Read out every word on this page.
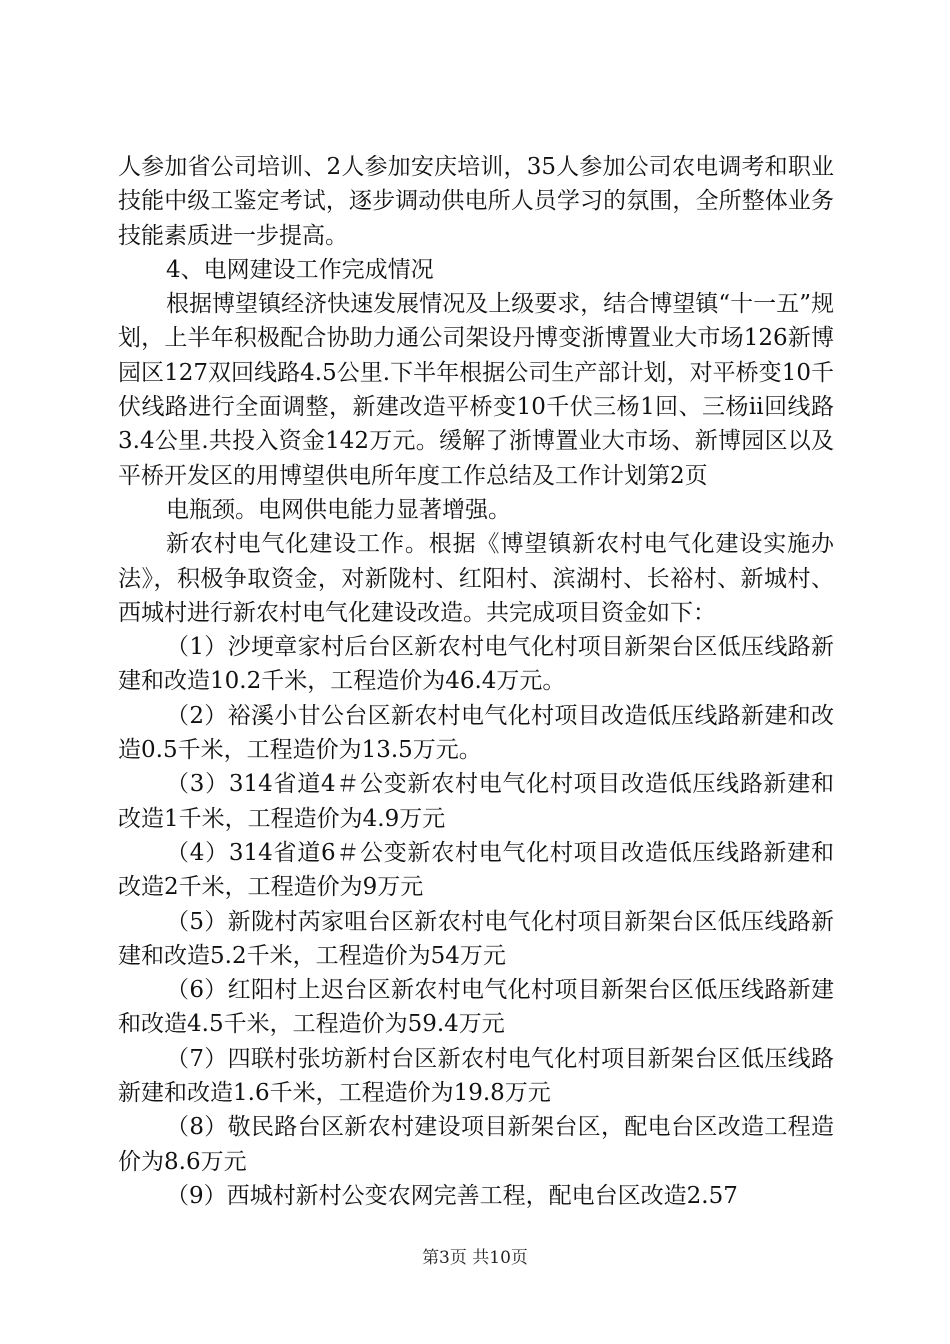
人参加省公司培训、2人参加安庆培训，35人参加公司农电调考和职业技能中级工鉴定考试，逐步调动供电所人员学习的氛围，全所整体业务技能素质进一步提高。

4、电网建设工作完成情况

根据博望镇经济快速发展情况及上级要求，结合博望镇“十一五”规划，上半年积极配合协助力通公司架设丹博变浙博置业大市场126新博园区127双回线路4.5公里.下半年根据公司生产部计划，对平桥变10千伏线路进行全面调整，新建改造平桥变10千伏三杨1回、三杨ii回线路3.4公里.共投入资金142万元。缓解了浙博置业大市场、新博园区以及平桥开发区的用博望供电所年度工作总结及工作计划第2页

电瓶颈。电网供电能力显著增强。

新农村电气化建设工作。根据《博望镇新农村电气化建设实施办法》，积极争取资金，对新陇村、红阳村、滨湖村、长裕村、新城村、西城村进行新农村电气化建设改造。共完成项目资金如下：

（1）沙埂章家村后台区新农村电气化村项目新架台区低压线路新建和改造10.2千米，工程造价为46.4万元。

（2）裕溪小甘公台区新农村电气化村项目改造低压线路新建和改造0.5千米，工程造价为13.5万元。

（3）314省道4＃公变新农村电气化村项目改造低压线路新建和改造1千米，工程造价为4.9万元

（4）314省道6＃公变新农村电气化村项目改造低压线路新建和改造2千米，工程造价为9万元

（5）新陇村芮家咀台区新农村电气化村项目新架台区低压线路新建和改造5.2千米，工程造价为54万元

（6）红阳村上迟台区新农村电气化村项目新架台区低压线路新建和改造4.5千米，工程造价为59.4万元

（7）四联村张坊新村台区新农村电气化村项目新架台区低压线路新建和改造1.6千米，工程造价为19.8万元

（8）敬民路台区新农村建设项目新架台区，配电台区改造工程造价为8.6万元

（9）西城村新村公变农网完善工程，配电台区改造2.57

第3页 共10页
